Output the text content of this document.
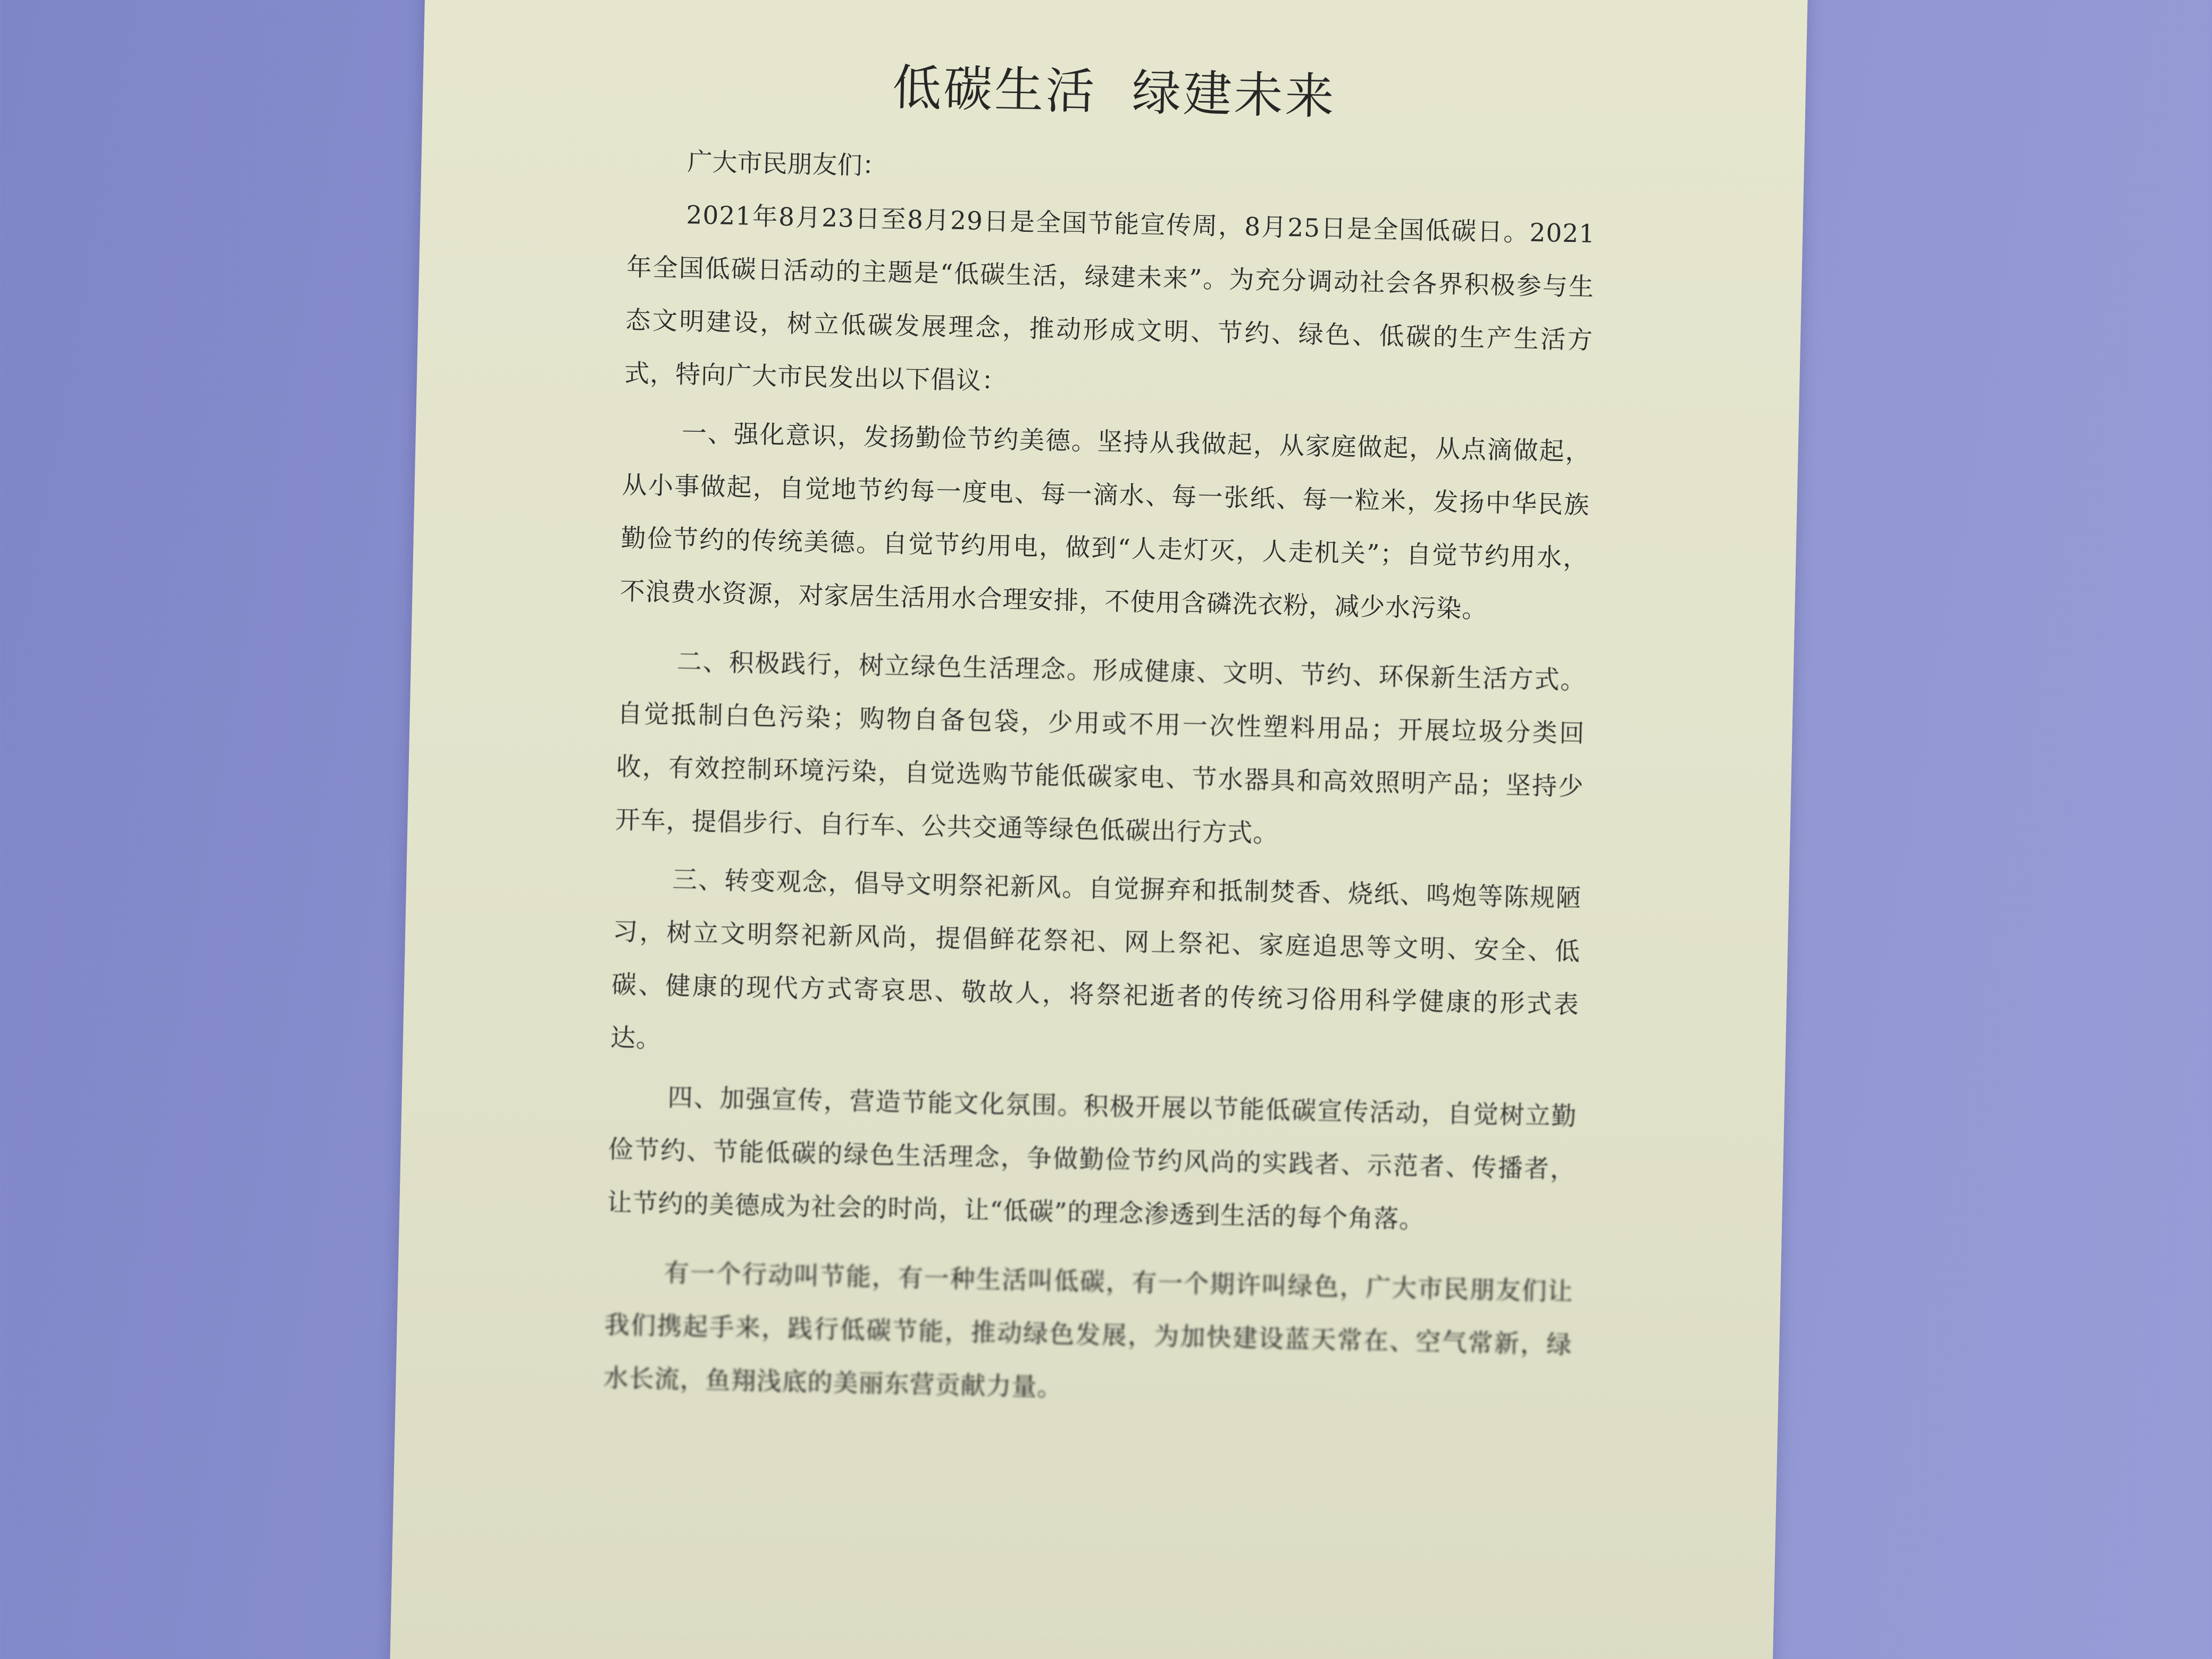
低碳生活  绿建未来

广大市民朋友们：

2021年8月23日至8月29日是全国节能宣传周，8月25日是全国低碳日。2021年全国低碳日活动的主题是“低碳生活，绿建未来”。为充分调动社会各界积极参与生态文明建设，树立低碳发展理念，推动形成文明、节约、绿色、低碳的生产生活方式，特向广大市民发出以下倡议：

一、强化意识，发扬勤俭节约美德。坚持从我做起，从家庭做起，从点滴做起，从小事做起，自觉地节约每一度电、每一滴水、每一张纸、每一粒米，发扬中华民族勤俭节约的传统美德。自觉节约用电，做到“人走灯灭，人走机关”；自觉节约用水，不浪费水资源，对家居生活用水合理安排，不使用含磷洗衣粉，减少水污染。

二、积极践行，树立绿色生活理念。形成健康、文明、节约、环保新生活方式。自觉抵制白色污染；购物自备包袋，少用或不用一次性塑料用品；开展垃圾分类回收，有效控制环境污染，自觉选购节能低碳家电、节水器具和高效照明产品；坚持少开车，提倡步行、自行车、公共交通等绿色低碳出行方式。

三、转变观念，倡导文明祭祀新风。自觉摒弃和抵制焚香、烧纸、鸣炮等陈规陋习，树立文明祭祀新风尚，提倡鲜花祭祀、网上祭祀、家庭追思等文明、安全、低碳、健康的现代方式寄哀思、敬故人，将祭祀逝者的传统习俗用科学健康的形式表达。

四、加强宣传，营造节能文化氛围。积极开展以节能低碳宣传活动，自觉树立勤俭节约、节能低碳的绿色生活理念，争做勤俭节约风尚的实践者、示范者、传播者，让节约的美德成为社会的时尚，让“低碳”的理念渗透到生活的每个角落。

有一个行动叫节能，有一种生活叫低碳，有一个期许叫绿色，广大市民朋友们让我们携起手来，践行低碳节能，推动绿色发展，为加快建设蓝天常在、空气常新，绿水长流，鱼翔浅底的美丽东营贡献力量。
